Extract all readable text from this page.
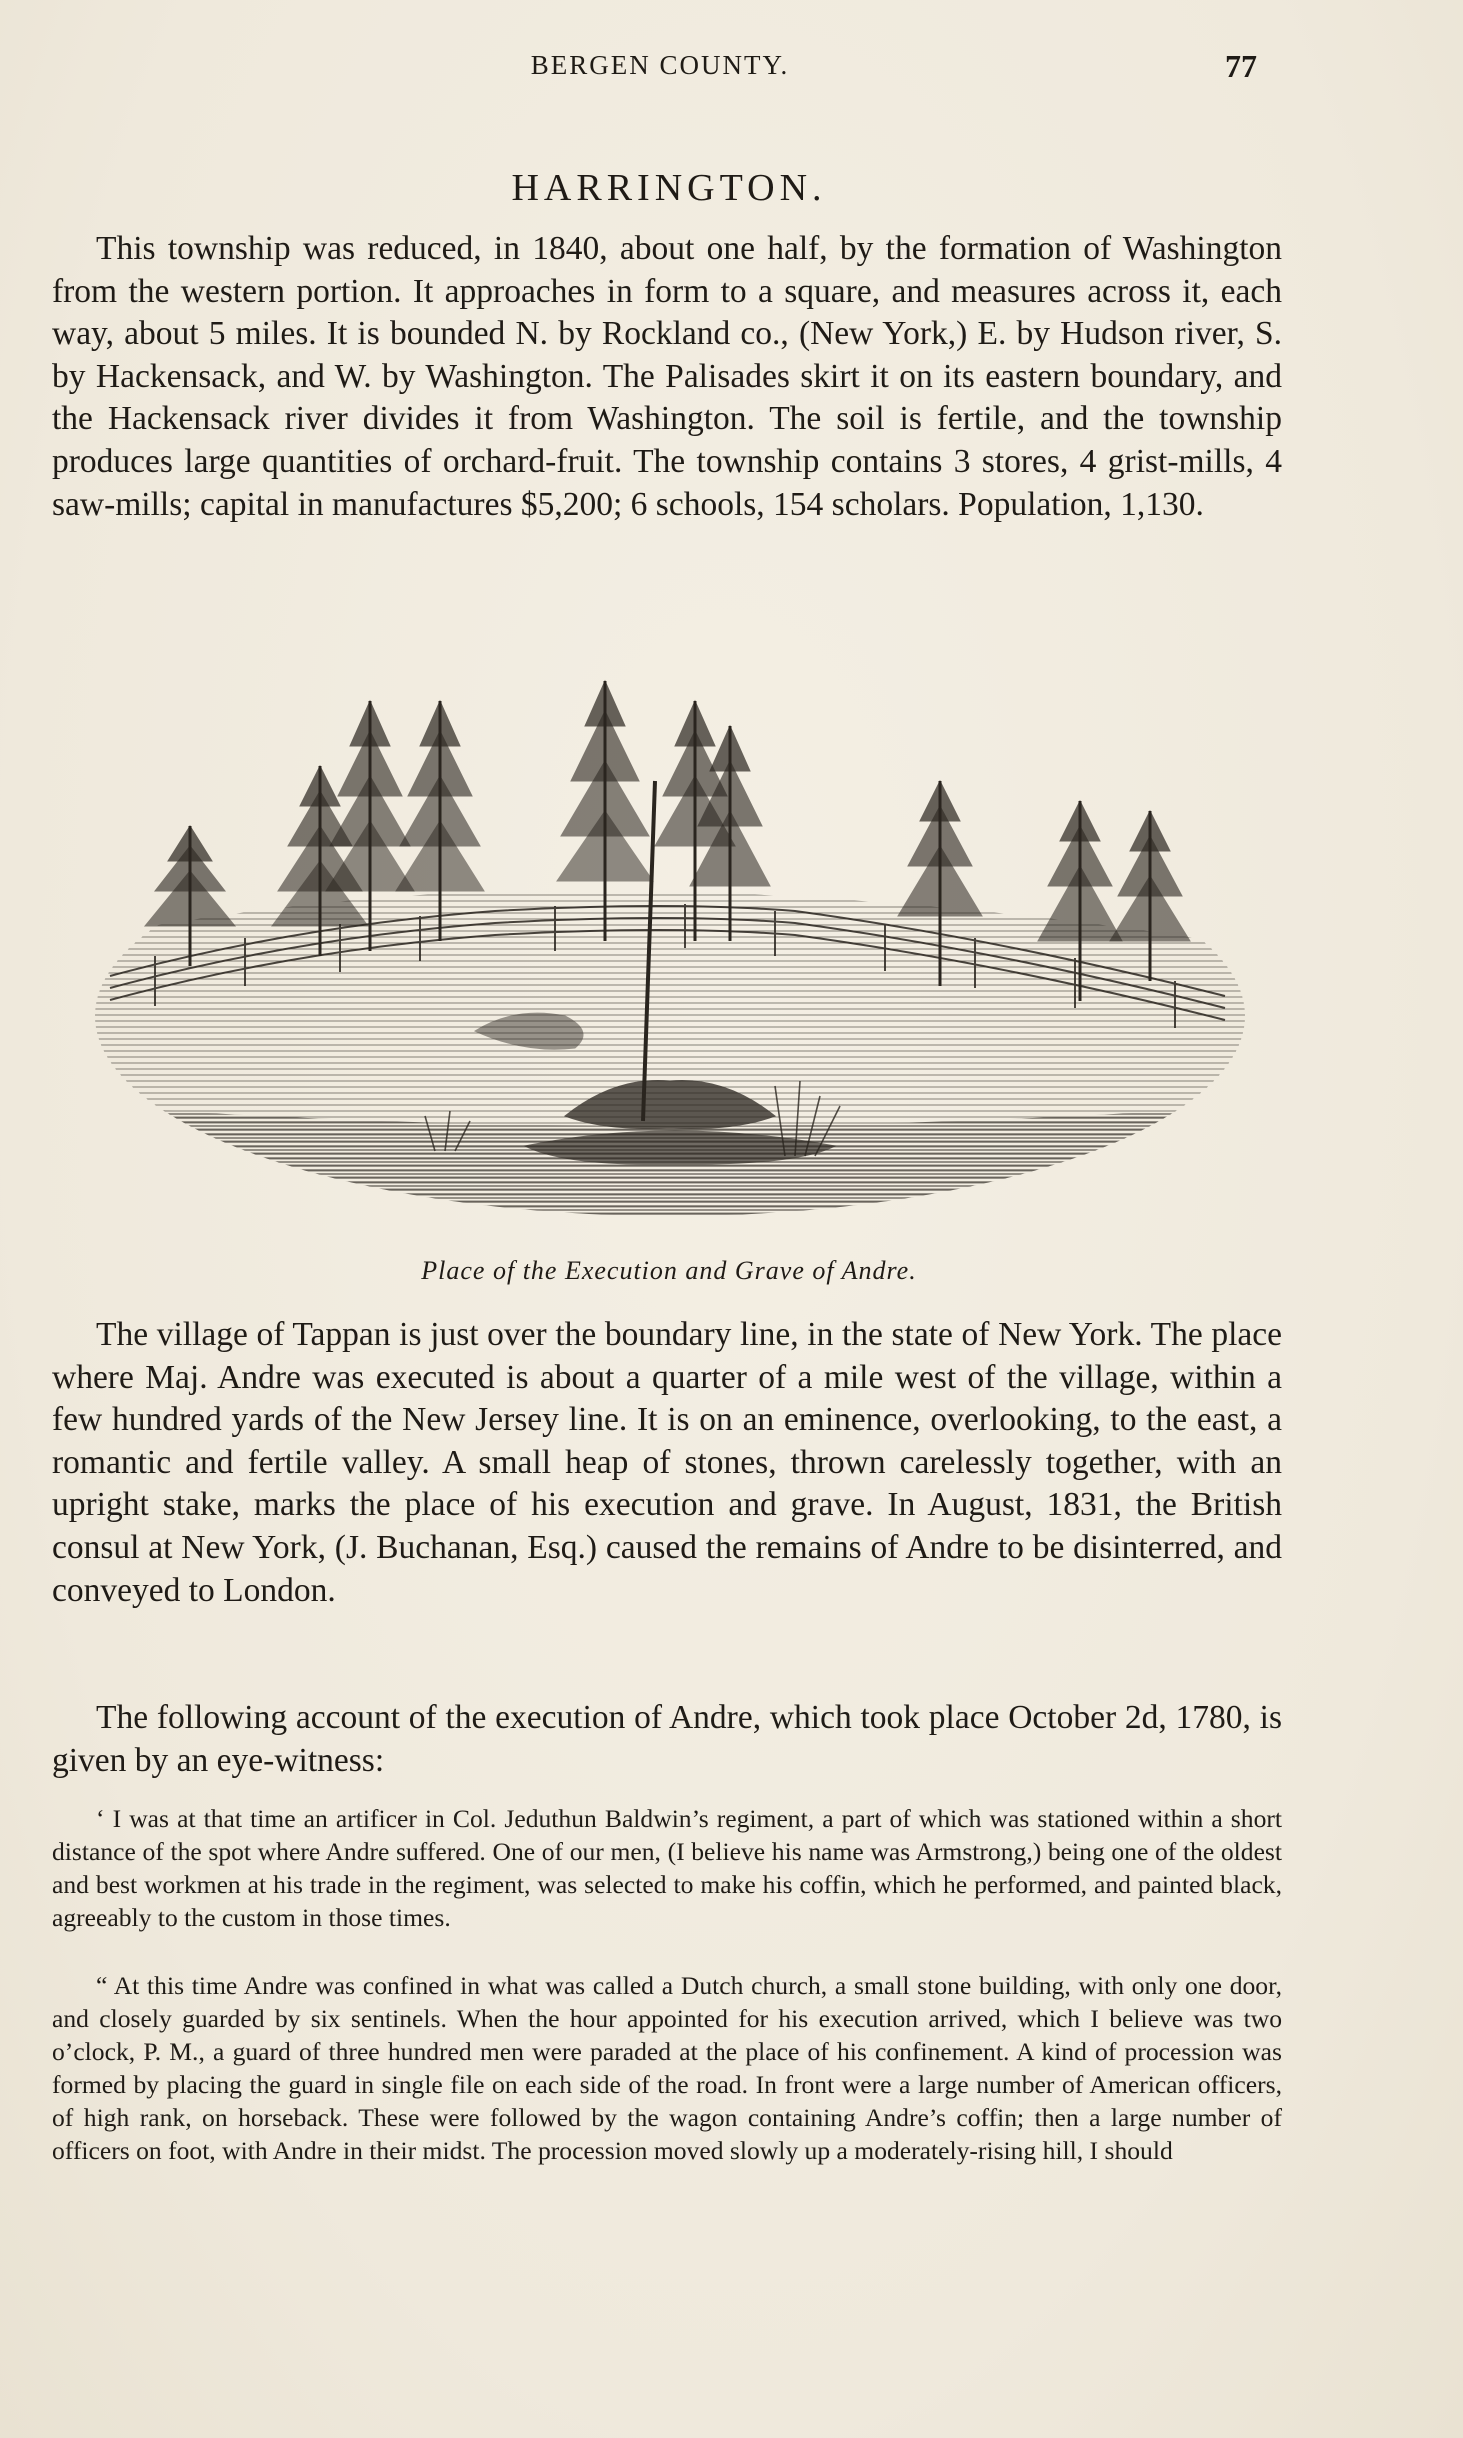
BERGEN COUNTY.	77
HARRINGTON.

This township was reduced, in 1840, about one half, by the formation of Washington from the western portion. It approaches in form to a square, and measures across it, each way, about 5 miles. It is bounded N. by Rockland co., (New York,) E. by Hudson river, S. by Hackensack, and W. by Washington. The Palisades skirt it on its eastern boundary, and the Hackensack river divides it from Washington. The soil is fertile, and the township produces large quantities of orchard-fruit. The township contains 3 stores, 4 grist-mills, 4 saw-mills; capital in manufactures $5,200; 6 schools, 154 scholars. Population, 1,130.

Place of the Execution and Grave of Andre.

The village of Tappan is just over the boundary line, in the state of New York. The place where Maj. Andre was executed is about a quarter of a mile west of the village, within a few hundred yards of the New Jersey line. It is on an eminence, overlooking, to the east, a romantic and fertile valley. A small heap of stones, thrown carelessly together, with an upright stake, marks the place of his execution and grave. In August, 1831, the British consul at New York, (J. Buchanan, Esq.) caused the remains of Andre to be disinterred, and conveyed to London.

The following account of the execution of Andre, which took place October 2d, 1780, is given by an eye-witness:

‘ I was at that time an artificer in Col. Jeduthun Baldwin’s regiment, a part of which was stationed within a short distance of the spot where Andre suffered. One of our men, (I believe his name was Armstrong,) being one of the oldest and best workmen at his trade in the regiment, was selected to make his coffin, which he performed, and painted black, agreeably to the custom in those times.

“ At this time Andre was confined in what was called a Dutch church, a small stone building, with only one door, and closely guarded by six sentinels. When the hour appointed for his execution arrived, which I believe was two o’clock, P. M., a guard of three hundred men were paraded at the place of his confinement. A kind of procession was formed by placing the guard in single file on each side of the road. In front were a large number of American officers, of high rank, on horseback. These were followed by the wagon containing Andre’s coffin; then a large number of officers on foot, with Andre in their midst. The procession moved slowly up a moderately-rising hill, I should
